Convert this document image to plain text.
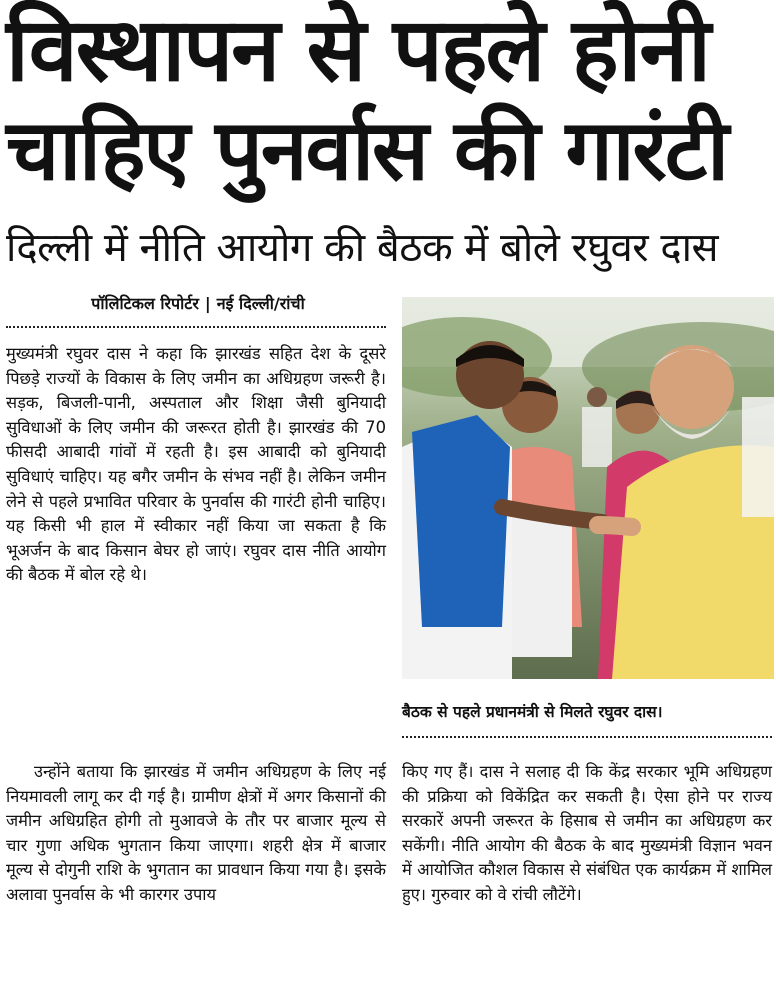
विस्थापन से पहले होनी
चाहिए पुनर्वास की गारंटी
दिल्ली में नीति आयोग की बैठक में बोले रघुवर दास
पॉलिटिकल रिपोर्टर | नई दिल्ली/रांची

मुख्यमंत्री रघुवर दास ने कहा कि झारखंड सहित देश के दूसरे पिछड़े राज्यों के विकास के लिए जमीन का अधिग्रहण जरूरी है। सड़क, बिजली-पानी, अस्पताल और शिक्षा जैसी बुनियादी सुविधाओं के लिए जमीन की जरूरत होती है। झारखंड की 70 फीसदी आबादी गांवों में रहती है। इस आबादी को बुनियादी सुविधाएं चाहिए। यह बगैर जमीन के संभव नहीं है। लेकिन जमीन लेने से पहले प्रभावित परिवार के पुनर्वास की गारंटी होनी चाहिए। यह किसी भी हाल में स्वीकार नहीं किया जा सकता है कि भूअर्जन के बाद किसान बेघर हो जाएं। रघुवर दास नीति आयोग की बैठक में बोल रहे थे।

उन्होंने बताया कि झारखंड में जमीन अधिग्रहण के लिए नई नियमावली लागू कर दी गई है। ग्रामीण क्षेत्रों में अगर किसानों की जमीन अधिग्रहित होगी तो मुआवजे के तौर पर बाजार मूल्य से चार गुणा अधिक भुगतान किया जाएगा। शहरी क्षेत्र में बाजार मूल्य से दोगुनी राशि के भुगतान का प्रावधान किया गया है। इसके अलावा पुनर्वास के भी कारगर उपाय

बैठक से पहले प्रधानमंत्री से मिलते रघुवर दास।

किए गए हैं। दास ने सलाह दी कि केंद्र सरकार भूमि अधिग्रहण की प्रक्रिया को विकेंद्रित कर सकती है। ऐसा होने पर राज्य सरकारें अपनी जरूरत के हिसाब से जमीन का अधिग्रहण कर सकेंगी। नीति आयोग की बैठक के बाद मुख्यमंत्री विज्ञान भवन में आयोजित कौशल विकास से संबंधित एक कार्यक्रम में शामिल हुए। गुरुवार को वे रांची लौटेंगे।
